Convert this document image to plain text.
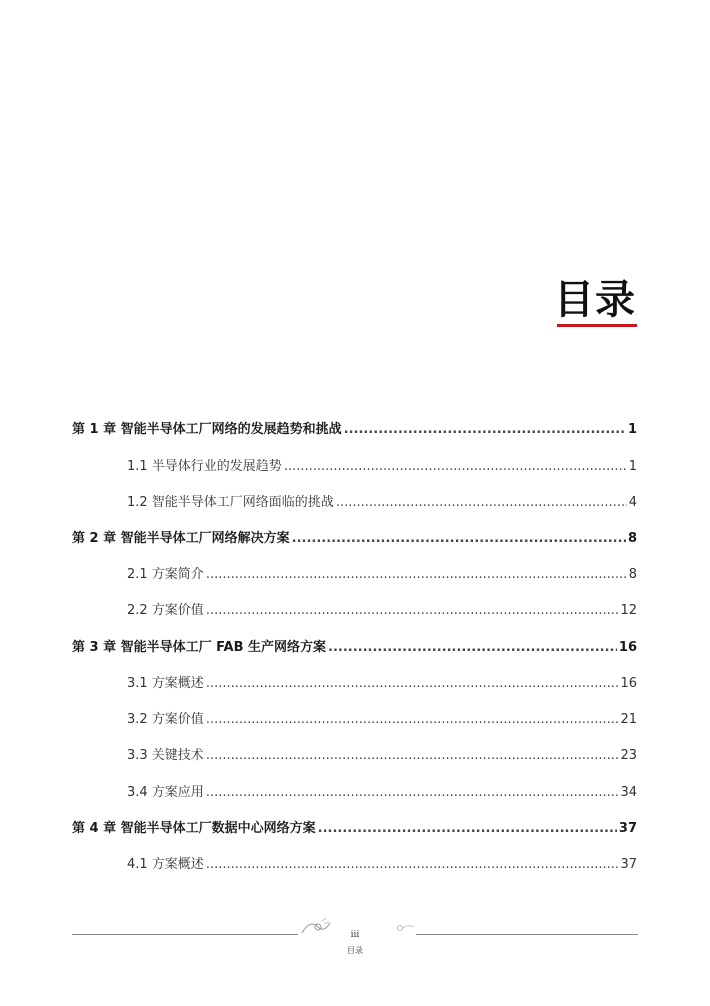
目录
第 1 章 智能半导体工厂网络的发展趋势和挑战 .....	1
1.1 半导体行业的发展趋势 .....	1
1.2 智能半导体工厂网络面临的挑战 .....	4
第 2 章 智能半导体工厂网络解决方案 .....	8
2.1 方案简介 .....	8
2.2 方案价值 .....	12
第 3 章 智能半导体工厂 FAB 生产网络方案 .....	16
3.1 方案概述 .....	16
3.2 方案价值 .....	21
3.3 关键技术 .....	23
3.4 方案应用 .....	34
第 4 章 智能半导体工厂数据中心网络方案 .....	37
4.1 方案概述 .....	37
iii
目录
